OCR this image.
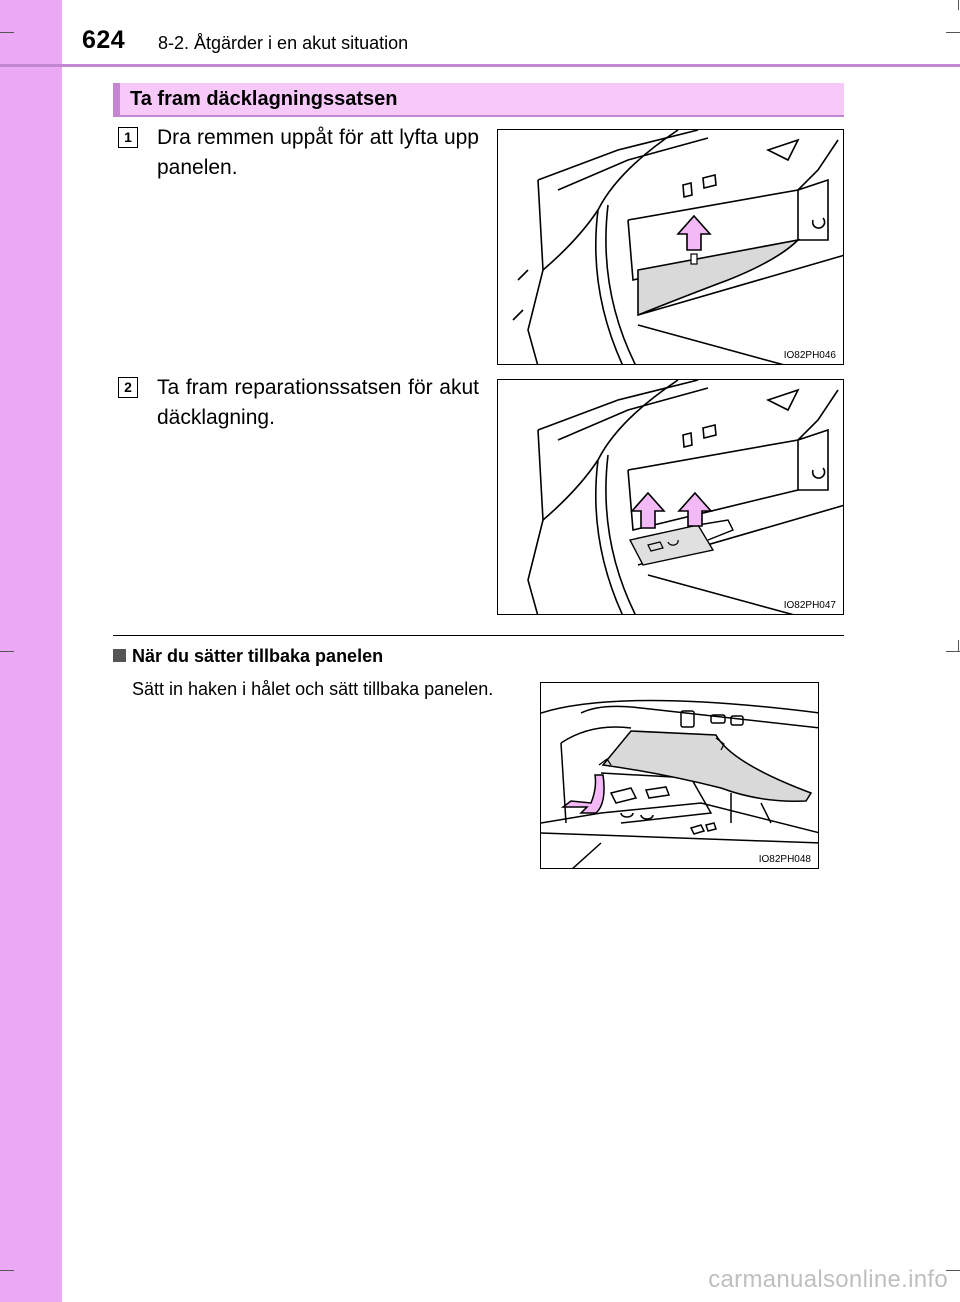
624 8-2. Åtgärder i en akut situation
Ta fram däcklagningssatsen
1 Dra remmen uppåt för att lyfta upp panelen.
IO82PH046
2 Ta fram reparationssatsen för akut däcklagning.
IO82PH047
När du sätter tillbaka panelen
Sätt in haken i hålet och sätt tillbaka panelen.
IO82PH048
carmanualsonline.info
